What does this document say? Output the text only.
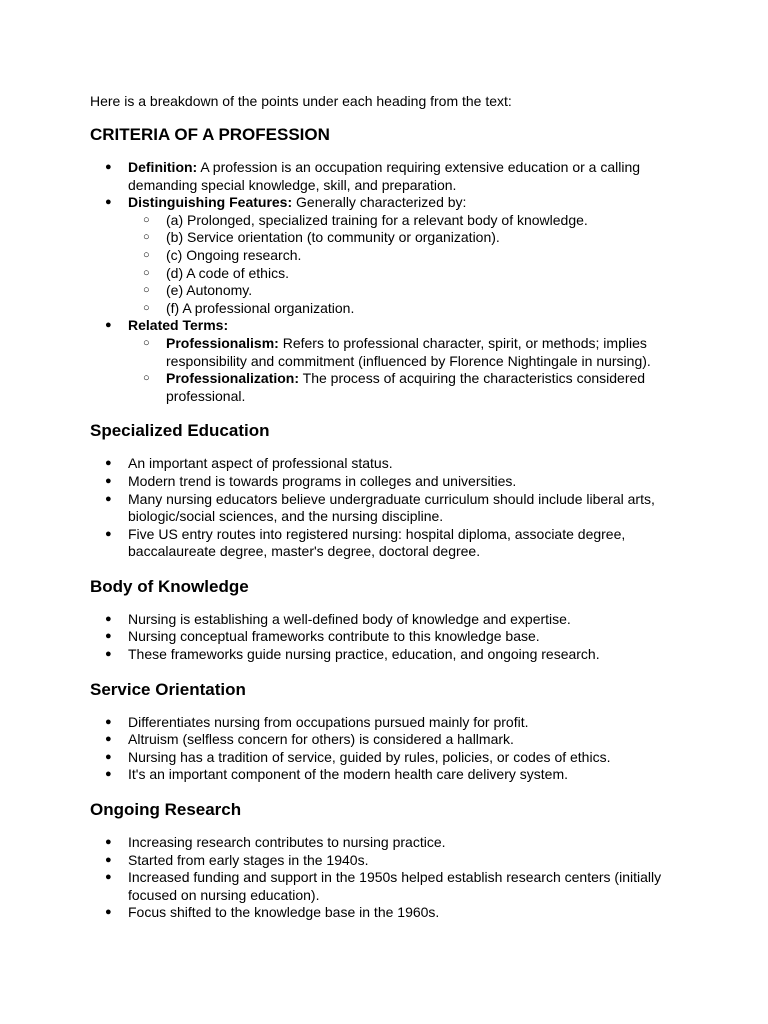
Here is a breakdown of the points under each heading from the text:

CRITERIA OF A PROFESSION
● Definition: A profession is an occupation requiring extensive education or a calling demanding special knowledge, skill, and preparation.
● Distinguishing Features: Generally characterized by:
○ (a) Prolonged, specialized training for a relevant body of knowledge.
○ (b) Service orientation (to community or organization).
○ (c) Ongoing research.
○ (d) A code of ethics.
○ (e) Autonomy.
○ (f) A professional organization.
● Related Terms:
○ Professionalism: Refers to professional character, spirit, or methods; implies responsibility and commitment (influenced by Florence Nightingale in nursing).
○ Professionalization: The process of acquiring the characteristics considered professional.
Specialized Education
● An important aspect of professional status.
● Modern trend is towards programs in colleges and universities.
● Many nursing educators believe undergraduate curriculum should include liberal arts, biologic/social sciences, and the nursing discipline.
● Five US entry routes into registered nursing: hospital diploma, associate degree, baccalaureate degree, master's degree, doctoral degree.
Body of Knowledge
● Nursing is establishing a well-defined body of knowledge and expertise.
● Nursing conceptual frameworks contribute to this knowledge base.
● These frameworks guide nursing practice, education, and ongoing research.
Service Orientation
● Differentiates nursing from occupations pursued mainly for profit.
● Altruism (selfless concern for others) is considered a hallmark.
● Nursing has a tradition of service, guided by rules, policies, or codes of ethics.
● It's an important component of the modern health care delivery system.
Ongoing Research
● Increasing research contributes to nursing practice.
● Started from early stages in the 1940s.
● Increased funding and support in the 1950s helped establish research centers (initially focused on nursing education).
● Focus shifted to the knowledge base in the 1960s.
